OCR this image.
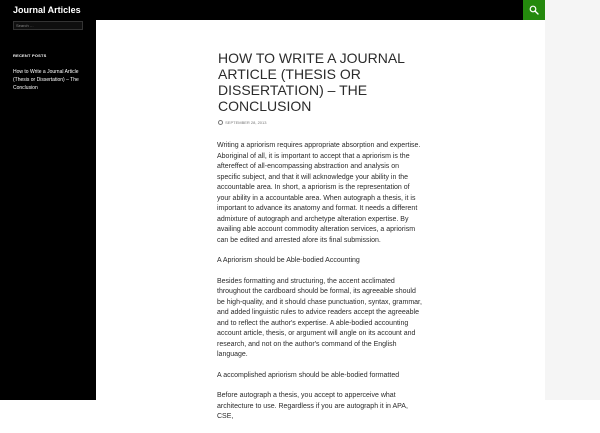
Journal Articles
Search …
RECENT POSTS
How to Write a Journal Article (Thesis or Dissertation) – The Conclusion
HOW TO WRITE A JOURNAL ARTICLE (THESIS OR DISSERTATION) – THE CONCLUSION
SEPTEMBER 28, 2013

Writing a apriorism requires appropriate absorption and expertise. Aboriginal of all, it is important to accept that a apriorism is the aftereffect of all-encompassing abstraction and analysis on specific subject, and that it will acknowledge your ability in the accountable area. In short, a apriorism is the representation of your ability in a accountable area. When autograph a thesis, it is important to advance its anatomy and format. It needs a different admixture of autograph and archetype alteration expertise. By availing able account commodity alteration services, a apriorism can be edited and arrested afore its final submission.

A Apriorism should be Able-bodied Accounting

Besides formatting and structuring, the accent acclimated throughout the cardboard should be formal, its agreeable should be high-quality, and it should chase punctuation, syntax, grammar, and added linguistic rules to advice readers accept the agreeable and to reflect the author's expertise. A able-bodied accounting account article, thesis, or argument will angle on its account and research, and not on the author's command of the English language.

A accomplished apriorism should be able-bodied formatted

Before autograph a thesis, you accept to apperceive what architecture to use. Regardless if you are autograph it in APA, CSE,
